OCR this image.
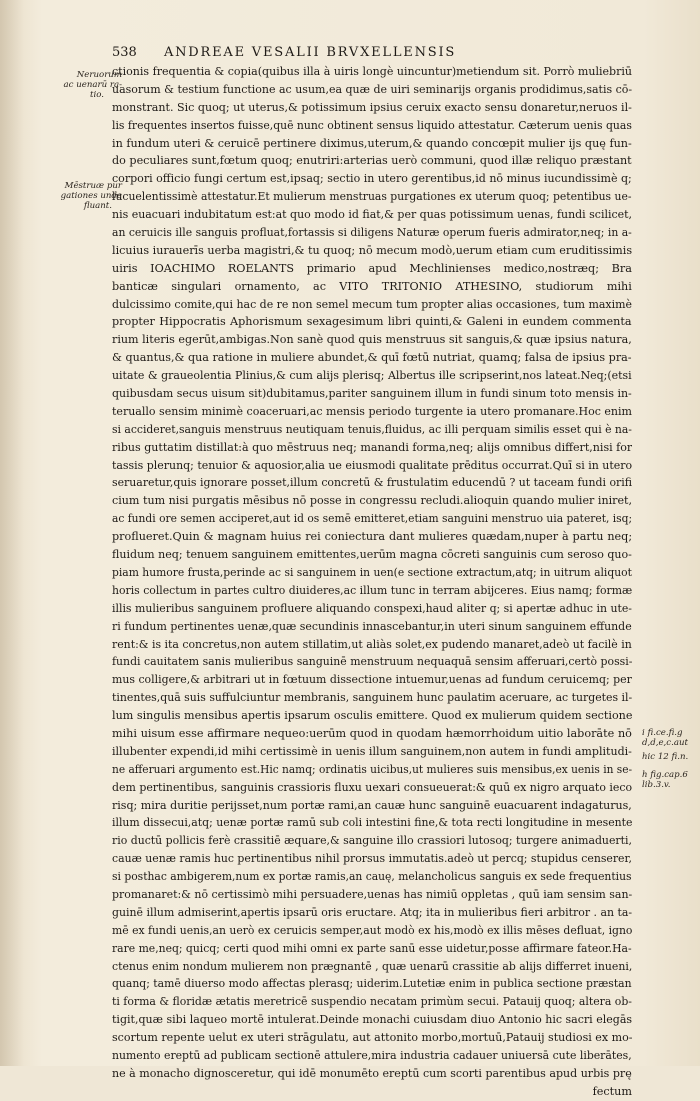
538 ANDREAE VESALII BRVXELLENSIS
ctionis frequentia & copia(quibus illa à uiris longè uincuntur)metiendum sit. Porrò muliebriū
uasorum & testium functione ac usum,ea quæ de uiri seminarijs organis prodidimus,satis cō-
monstrant. Sic quoq; ut uterus,& potissimum ipsius ceruix exacto sensu donaretur,neruos il-
lis frequentes insertos fuisse,quē nunc obtinent sensus liquido attestatur. Cæterum uenis quas
in fundum uteri & ceruicē pertinere diximus,uterum,& quando concœpit mulier ijs quę fun-
do peculiares sunt,fœtum quoq; enutriri:arterias uerò communi, quod illæ reliquo præstant
corpori officio fungi certum est,ipsaq; sectio in utero gerentibus,id nō minus iucundissimè q;
lucuelentissimè attestatur.Et mulierum menstruas purgationes ex uterum quoq; petentibus ue-
nis euacuari indubitatum est:at quo modo id fiat,& per quas potissimum uenas, fundi scilicet,
an ceruicis ille sanguis profluat,fortassis si diligens Naturæ operum fueris admirator,neq; in a-
licuius iurauerīs uerba magistri,& tu quoq; nō mecum modò,uerum etiam cum eruditissimis
uiris IOACHIMO ROELANTS primario apud Mechlinienses medico,nostræq; Bra
banticæ singulari ornamento, ac VITO TRITONIO ATHESINO, studiorum mihi
dulcissimo comite,qui hac de re non semel mecum tum propter alias occasiones, tum maximè
propter Hippocratis Aphorismum sexagesimum libri quinti,& Galeni in eundem commenta
rium literis egerūt,ambigas.Non sanè quod quis menstruus sit sanguis,& quæ ipsius natura,
& quantus,& qua ratione in muliere abundet,& quī fœtū nutriat, quamq; falsa de ipsius pra-
uitate & graueolentia Plinius,& cum alijs plerisq; Albertus ille scripserint,nos lateat.Neq;(etsi
quibusdam secus uisum sit)dubitamus,pariter sanguinem illum in fundi sinum toto mensis in-
teruallo sensim minimè coaceruari,ac mensis periodo turgente ia utero promanare.Hoc enim
si accideret,sanguis menstruus neutiquam tenuis,fluidus, ac illi perquam similis esset qui è na-
ribus guttatim distillat:à quo mēstruus neq; manandi forma,neq; alijs omnibus differt,nisi for
tassis plerunq; tenuior & aquosior,alia ue eiusmodi qualitate prēditus occurrat.Quī si in utero
seruaretur,quis ignorare posset,illum concretū & frustulatim educendū ? ut taceam fundi orifi
cium tum nisi purgatis mēsibus nō posse in congressu recludi.alioquin quando mulier iniret,
ac fundi ore semen acciperet,aut id os semē emitteret,etiam sanguini menstruo uia pateret, isq;
proflueret.Quin & magnam huius rei coniectura dant mulieres quædam,nuper à partu neq;
fluidum neq; tenuem sanguinem emittentes,uerūm magna cōcreti sanguinis cum seroso quo-
piam humore frusta,perinde ac si sanguinem in uen(e sectione extractum,atq; in uitrum aliquot
horis collectum in partes cultro diuideres,ac illum tunc in terram abijceres. Eius namq; formæ
illis mulieribus sanguinem profluere aliquando conspexi,haud aliter q; si apertæ adhuc in ute-
ri fundum pertinentes uenæ,quæ secundinis innascebantur,in uteri sinum sanguinem effunde
rent:& is ita concretus,non autem stillatim,ut aliàs solet,ex pudendo manaret,adeò ut facilè in
fundi cauitatem sanis mulieribus sanguinē menstruum nequaquā sensim afferuari,certò possi-
mus colligere,& arbitrari ut in fœtuum dissectione intuemur,uenas ad fundum ceruicemq; per
tinentes,quā suis suffulciuntur membranis, sanguinem hunc paulatim aceruare, ac turgetes il-
lum singulis mensibus apertis ipsarum osculis emittere. Quod ex mulierum quidem sectione
mihi uisum esse affirmare nequeo:uerūm quod in quodam hæmorrhoidum uitio laborāte nō
illubenter expendi,id mihi certissimè in uenis illum sanguinem,non autem in fundi amplitudi-
ne afferuari argumento est.Hic namq; ordinatis uicibus,ut mulieres suis mensibus,ex uenis in se-
dem pertinentibus, sanguinis crassioris fluxu uexari consueuerat:& quū ex nigro arquato ieco
risq; mira duritie perijsset,num portæ rami,an cauæ hunc sanguinē euacuarent indagaturus,
illum dissecui,atq; uenæ portæ ramū sub coli intestini fine,& tota recti longitudine in mesente
rio ductū pollicis ferè crassitiē æquare,& sanguine illo crassiori lutosoq; turgere animaduerti,
cauæ uenæ ramis huc pertinentibus nihil prorsus immutatis.adeò ut percq; stupidus censerer,
si posthac ambigerem,num ex portæ ramis,an cauę, melancholicus sanguis ex sede frequentius
promanaret:& nō certissimò mihi persuadere,uenas has nimiū oppletas , quū iam sensim san-
guinē illum admiserint,apertis ipsarū oris eructare. Atq; ita in mulieribus fieri arbitror . an ta-
mē ex fundi uenis,an uerò ex ceruicis semper,aut modò ex his,modò ex illis mēses defluat, igno
rare me,neq; quicq; certi quod mihi omni ex parte sanū esse uidetur,posse affirmare fateor.Ha-
ctenus enim nondum mulierem non prægnantē , quæ uenarū crassitie ab alijs differret inueni,
quanq; tamē diuerso modo affectas plerasq; uiderim.Lutetiæ enim in publica sectione præstan
ti forma & floridæ ætatis meretricē suspendio necatam primùm secui. Patauij quoq; altera ob-
tigit,quæ sibi laqueo mortē intulerat.Deinde monachi cuiusdam diuo Antonio hic sacri elegās
scortum repente uelut ex uteri strāgulatu, aut attonito morbo,mortuū,Patauij studiosi ex mo-
numento ereptū ad publicam sectionē attulere,mira industria cadauer uniuersā cute liberātes,
ne à monacho dignosceretur, qui idē monumēto ereptū cum scorti parentibus apud urbis prę
fectum
Neruorum
ac uenarū ra-
tio.
Mēstruæ pur
gationes unde
fluant.
i fi.ce.fi.g
d,d,e,c.aut
hic 12 fi.n.
h fig.cap.6
lib.3.v.
